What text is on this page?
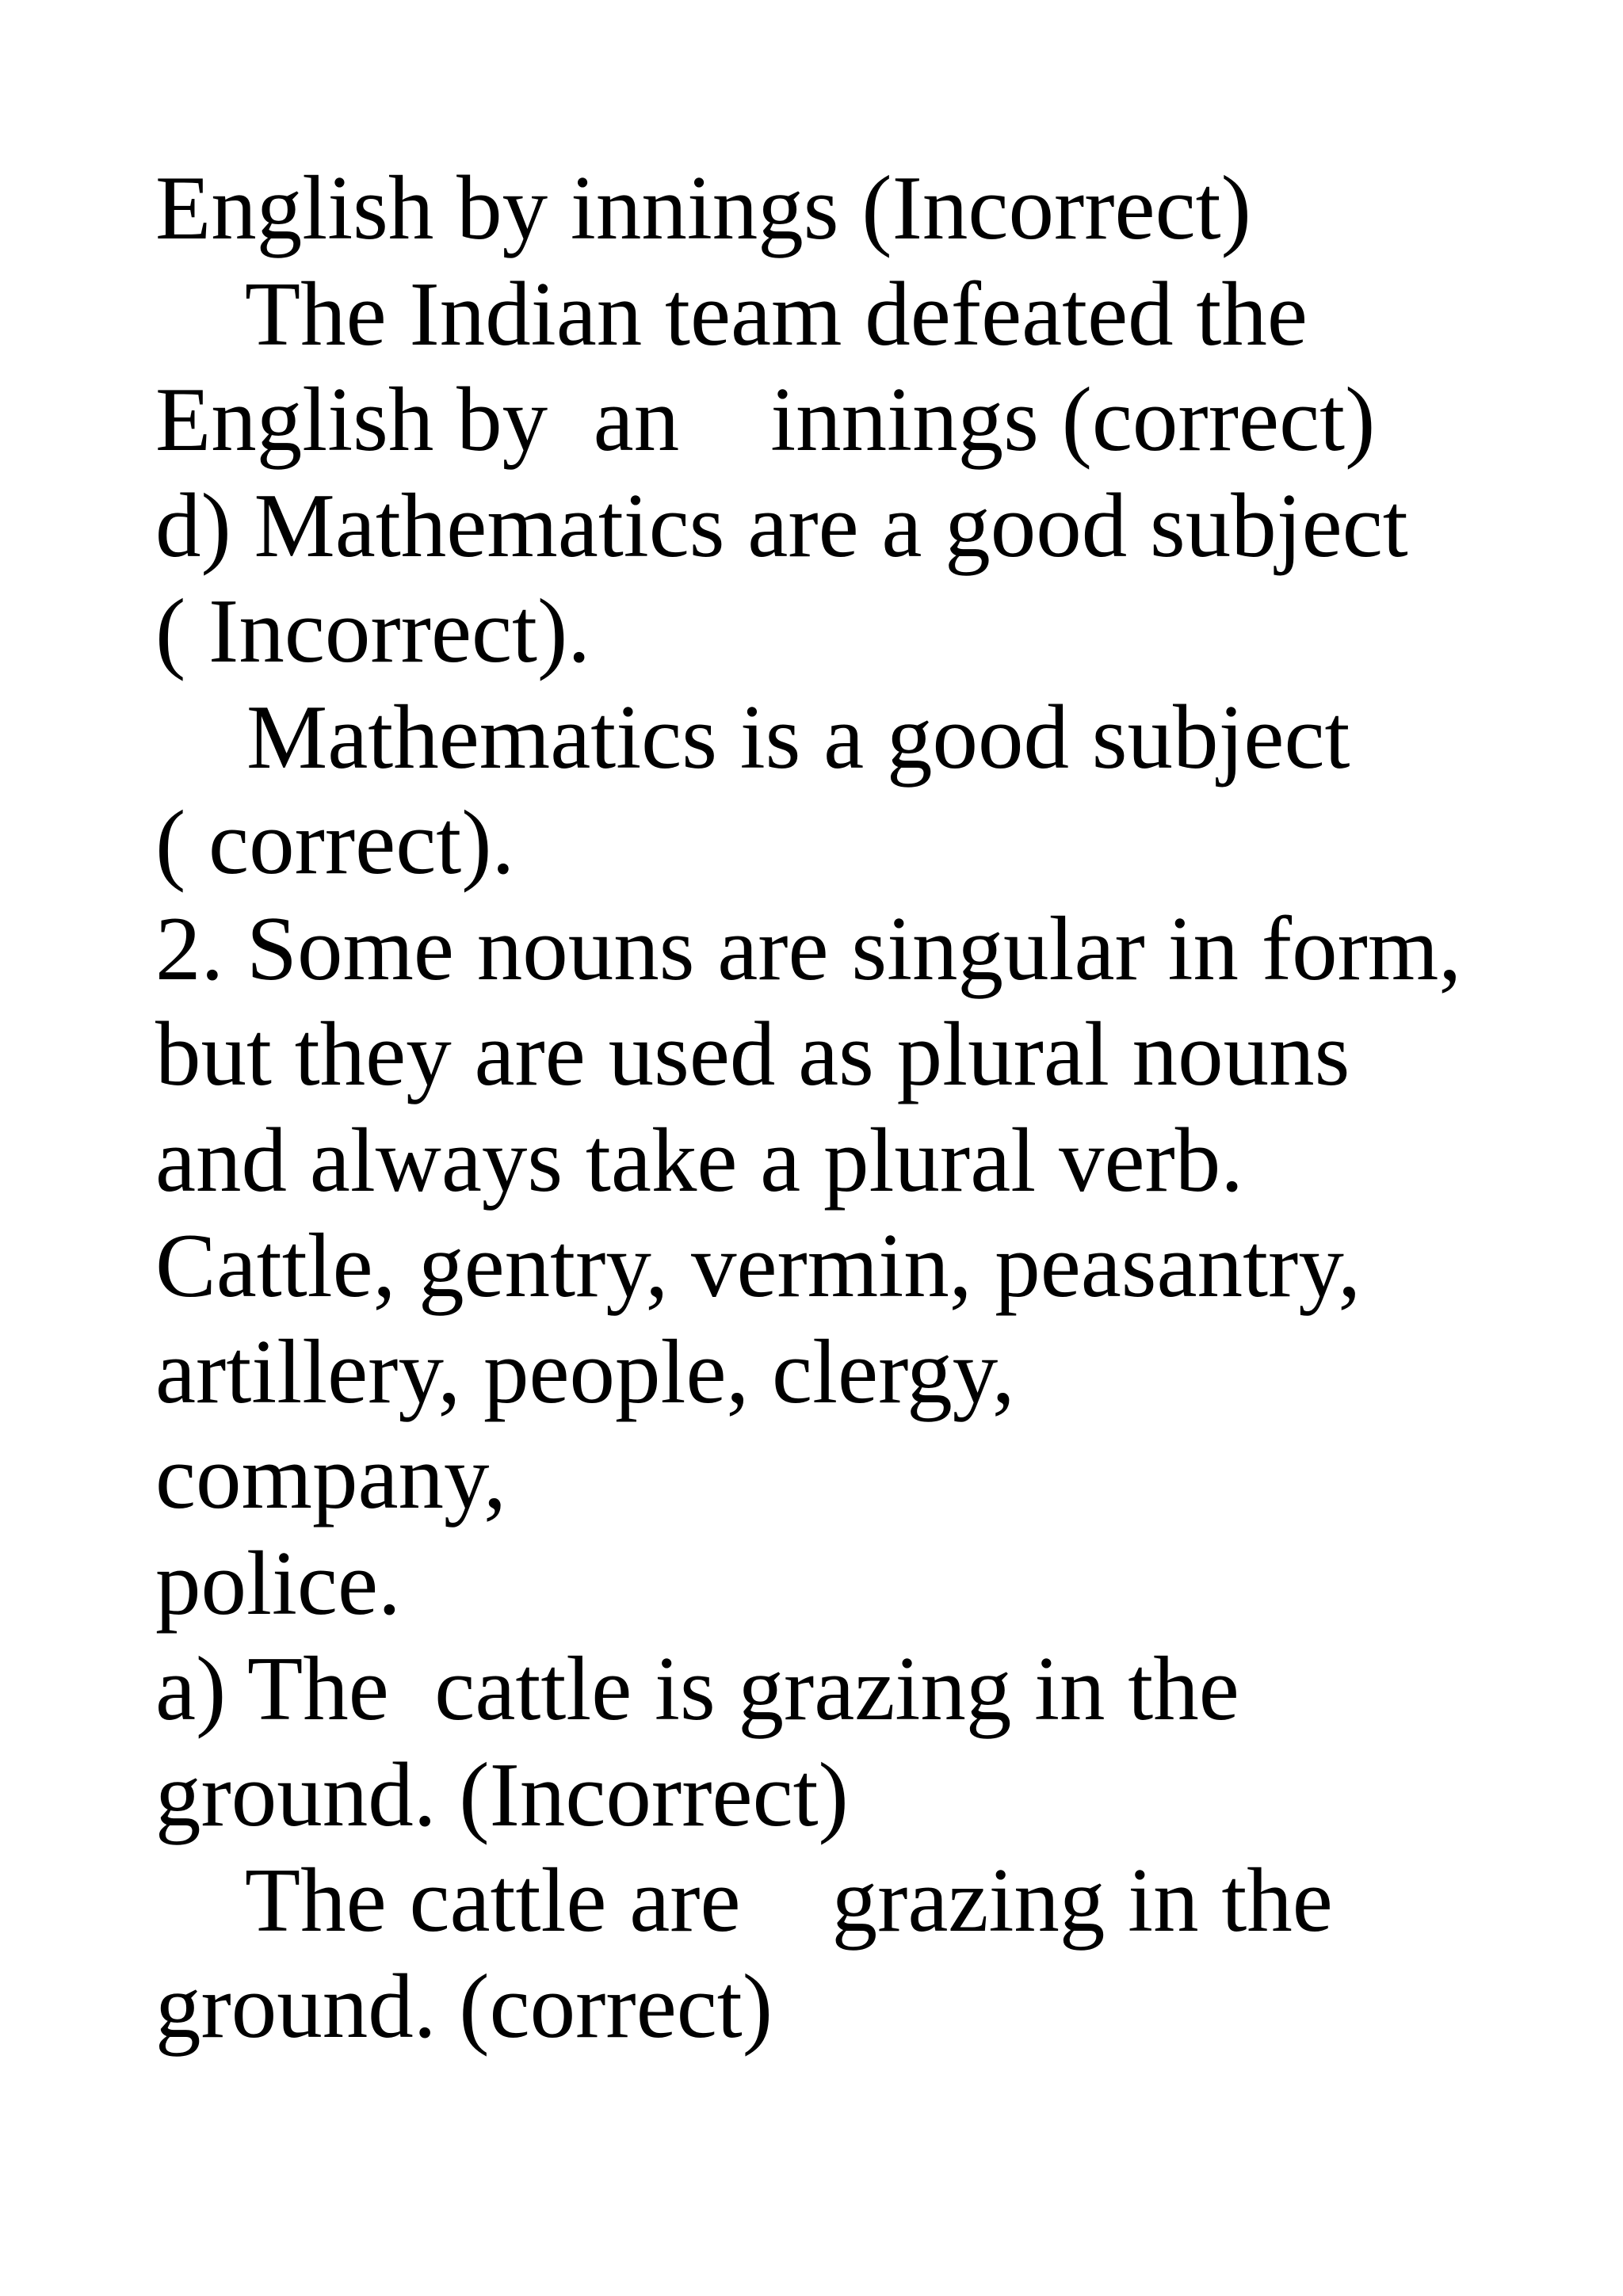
English by innings (Incorrect)
The Indian team defeated the
English by  an    innings (correct)
d) Mathematics are a good subject
( Incorrect).
Mathematics is a good subject
( correct).
2. Some nouns are singular in form,
but they are used as plural nouns
and always take a plural verb.
Cattle, gentry, vermin, peasantry,
artillery, people, clergy,
company,
police.
a) The  cattle is grazing in the
ground. (Incorrect)
The cattle are    grazing in the
ground. (correct)
